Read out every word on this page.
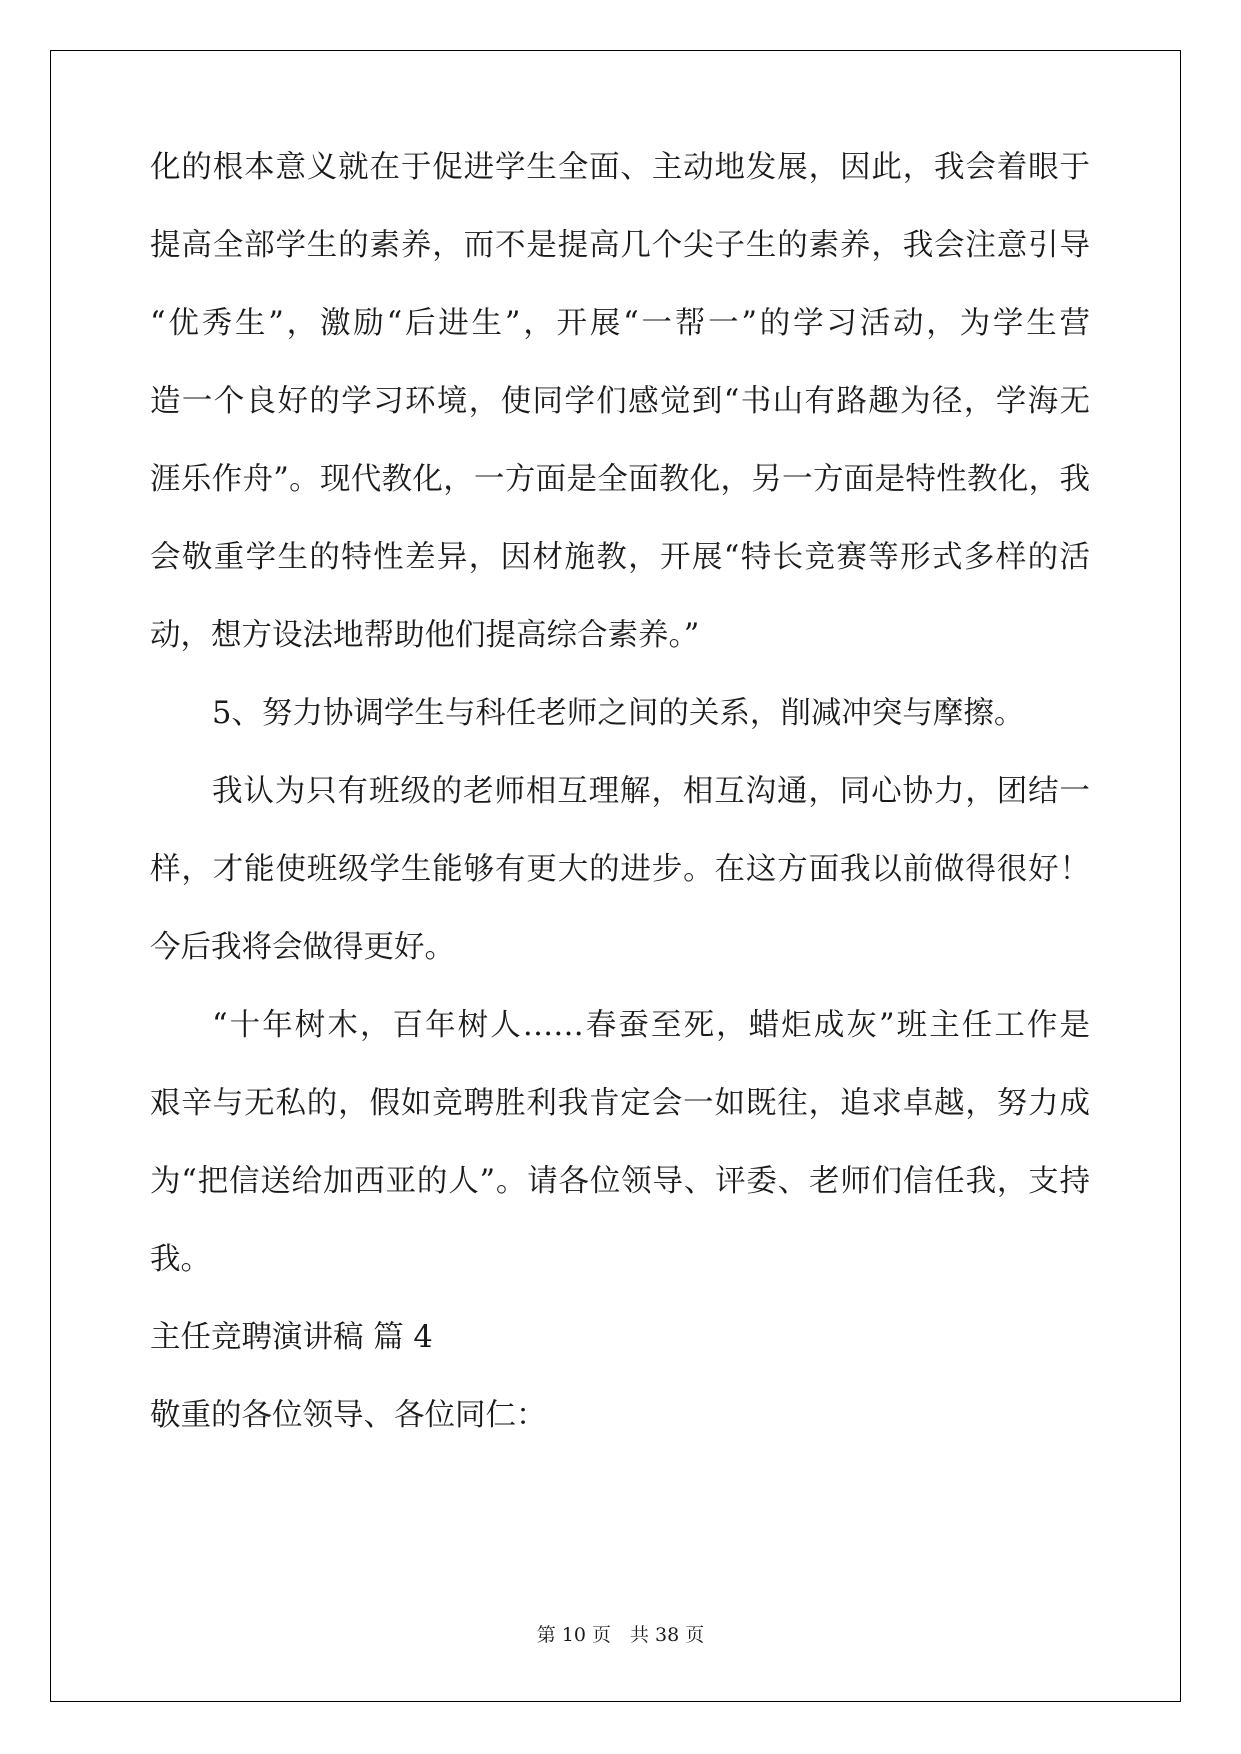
化的根本意义就在于促进学生全面、主动地发展，因此，我会着眼于
提高全部学生的素养，而不是提高几个尖子生的素养，我会注意引导
“优秀生”，激励“后进生”，开展“一帮一”的学习活动，为学生营
造一个良好的学习环境，使同学们感觉到“书山有路趣为径，学海无
涯乐作舟”。现代教化，一方面是全面教化，另一方面是特性教化，我
会敬重学生的特性差异，因材施教，开展“特长竞赛等形式多样的活
动，想方设法地帮助他们提高综合素养。”
5、努力协调学生与科任老师之间的关系，削减冲突与摩擦。
我认为只有班级的老师相互理解，相互沟通，同心协力，团结一
样，才能使班级学生能够有更大的进步。在这方面我以前做得很好！
今后我将会做得更好。
“十年树木，百年树人……春蚕至死，蜡炬成灰”班主任工作是
艰辛与无私的，假如竞聘胜利我肯定会一如既往，追求卓越，努力成
为“把信送给加西亚的人”。请各位领导、评委、老师们信任我，支持
我。
主任竞聘演讲稿 篇 4
敬重的各位领导、各位同仁：
第 10 页　共 38 页
